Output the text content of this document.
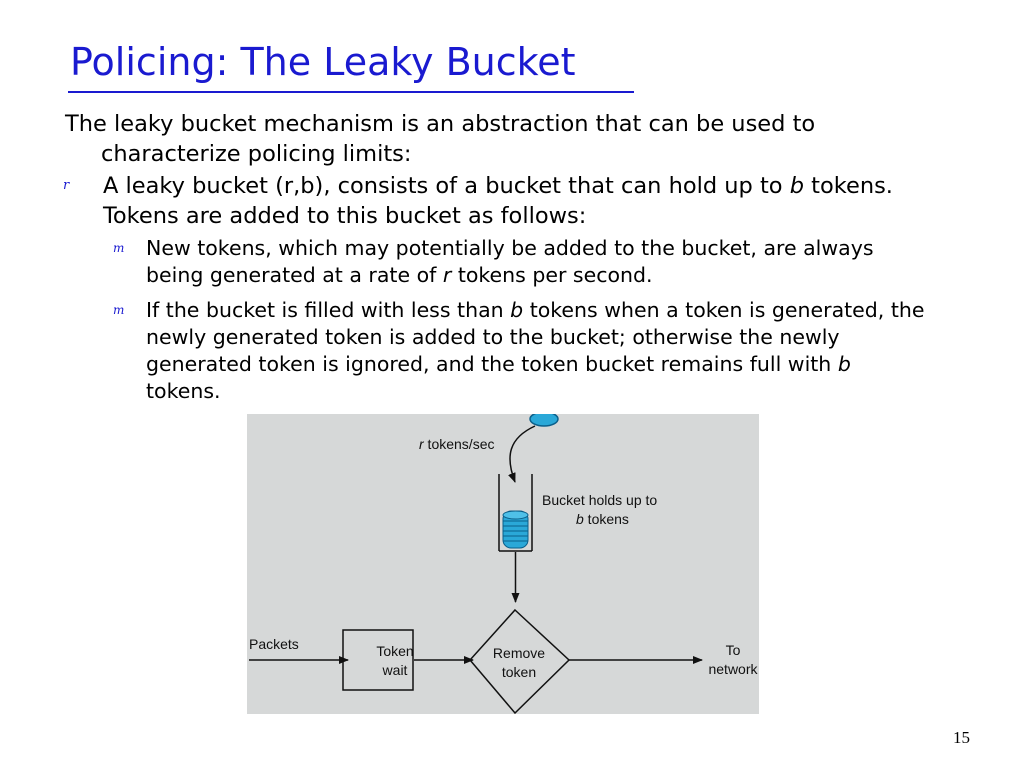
Policing: The Leaky Bucket
The leaky bucket mechanism is an abstraction that can be used to characterize policing limits:
r A leaky bucket (r,b), consists of a bucket that can hold up to b tokens. Tokens are added to this bucket as follows:
m New tokens, which may potentially be added to the bucket, are always being generated at a rate of r tokens per second.
m If the bucket is filled with less than b tokens when a token is generated, the newly generated token is added to the bucket; otherwise the newly generated token is ignored, and the token bucket remains full with b tokens.
r tokens/sec
Bucket holds up to
b tokens
Packets	Token
wait
Remove
token
To
network
15
